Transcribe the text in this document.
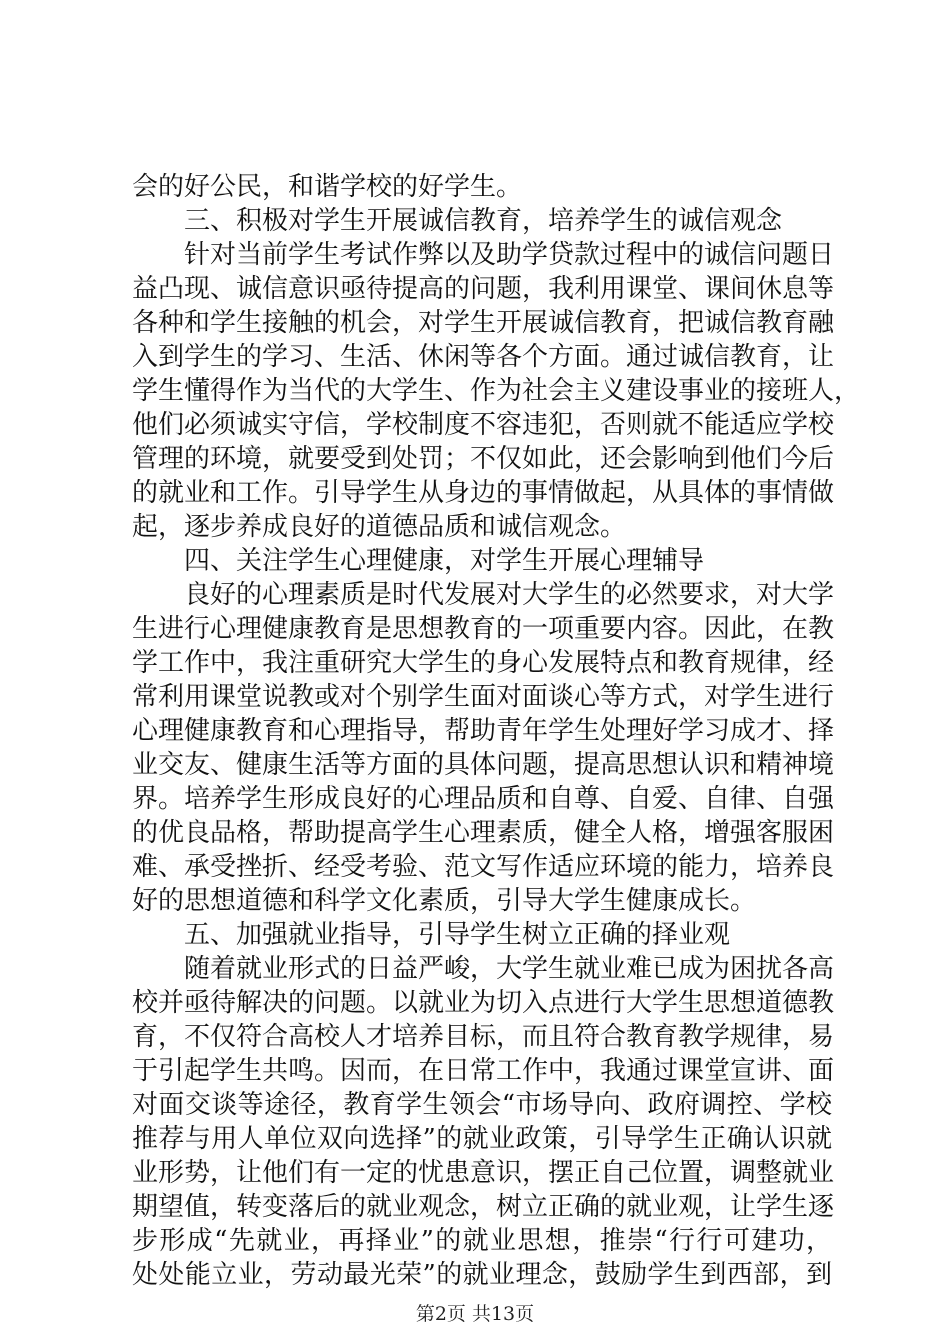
会的好公民，和谐学校的好学生。
三、积极对学生开展诚信教育，培养学生的诚信观念
针对当前学生考试作弊以及助学贷款过程中的诚信问题日
益凸现、诚信意识亟待提高的问题，我利用课堂、课间休息等
各种和学生接触的机会，对学生开展诚信教育，把诚信教育融
入到学生的学习、生活、休闲等各个方面。通过诚信教育，让
学生懂得作为当代的大学生、作为社会主义建设事业的接班人，
他们必须诚实守信，学校制度不容违犯，否则就不能适应学校
管理的环境，就要受到处罚；不仅如此，还会影响到他们今后
的就业和工作。引导学生从身边的事情做起，从具体的事情做
起，逐步养成良好的道德品质和诚信观念。
四、关注学生心理健康，对学生开展心理辅导
良好的心理素质是时代发展对大学生的必然要求，对大学
生进行心理健康教育是思想教育的一项重要内容。因此，在教
学工作中，我注重研究大学生的身心发展特点和教育规律，经
常利用课堂说教或对个别学生面对面谈心等方式，对学生进行
心理健康教育和心理指导，帮助青年学生处理好学习成才、择
业交友、健康生活等方面的具体问题，提高思想认识和精神境
界。培养学生形成良好的心理品质和自尊、自爱、自律、自强
的优良品格，帮助提高学生心理素质，健全人格，增强客服困
难、承受挫折、经受考验、范文写作适应环境的能力，培养良
好的思想道德和科学文化素质，引导大学生健康成长。
五、加强就业指导，引导学生树立正确的择业观
随着就业形式的日益严峻，大学生就业难已成为困扰各高
校并亟待解决的问题。以就业为切入点进行大学生思想道德教
育，不仅符合高校人才培养目标，而且符合教育教学规律，易
于引起学生共鸣。因而，在日常工作中，我通过课堂宣讲、面
对面交谈等途径，教育学生领会“市场导向、政府调控、学校
推荐与用人单位双向选择”的就业政策，引导学生正确认识就
业形势，让他们有一定的忧患意识，摆正自己位置，调整就业
期望值，转变落后的就业观念，树立正确的就业观，让学生逐
步形成“先就业，再择业”的就业思想，推崇“行行可建功，
处处能立业，劳动最光荣”的就业理念，鼓励学生到西部，到
第2页 共13页
